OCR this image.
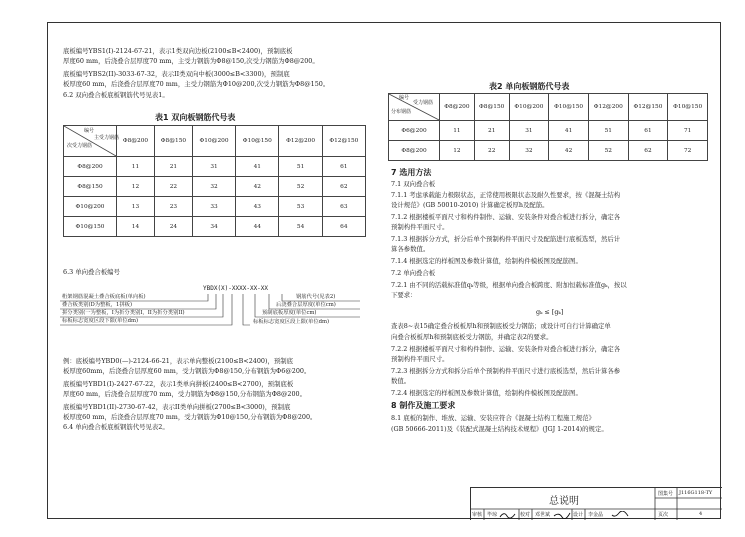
底板编号YBS1(I)-2124-67-21，表示1类双向边板(2100≤B<2400)，预制底板

厚度60 mm，后浇叠合层厚度70 mm，主受力钢筋为Φ8@150,次受力钢筋为Φ8@200。

底板编号YBS2(II)-3033-67-32，表示II类双向中板(3000≤B<3300)，预制底

板厚度60 mm，后浇叠合层厚度70 mm，主受力钢筋为Φ10@200,次受力钢筋为Φ8@150。

6.2 双向叠合板底板钢筋代号见表1。

表1 双向板钢筋代号表
编号
主受力钢筋
次受力钢筋	Φ8@200	Φ8@150	Φ10@200	Φ10@150	Φ12@200	Φ12@150
Φ8@200	11	21	31	41	51	61
Φ8@150	12	22	32	42	52	62
Φ10@200	13	23	33	43	53	63
Φ10@150	14	24	34	44	54	64

6.3 单向叠合板编号

YBDX(X)-XXXX-XX-XX
桁架钢筋混凝土叠合板底板(单向板)
叠合板类别(D为整板，1拼板)
拼分类别(一为整板，I为折分类别I，II为折分类别II)
标板标志宽度区段下限(单位dm)
钢筋代号(见表2)
后浇叠合层厚度(单位cm)
预制底板厚度(单位cm)
标板标志宽度区段上限(单位dm)

例：底板编号YBD0(—)-2124-66-21，表示单向整板(2100≤B<2400)，预制底

板厚度60mm，后浇叠合层厚度60 mm，受力钢筋为Φ8@150,分布钢筋为Φ6@200。

底板编号YBD1(I)-2427-67-22，表示1类单向拼板(2400≤B<2700)，预制底板

厚度60 mm，后浇叠合层厚度70 mm，受力钢筋为Φ8@150,分布钢筋为Φ8@200。

底板编号YBD1(II)-2730-67-42，表示II类单向拼板(2700≤B<3000)，预制底

板厚度60 mm，后浇叠合层厚度70 mm，受力钢筋为Φ10@150,分布钢筋为Φ8@200。

6.4 单向叠合板底板钢筋代号见表2。

表2 单向板钢筋代号表
编号
受力钢筋
分布钢筋	Φ8@200	Φ8@150	Φ10@200	Φ10@150	Φ12@200	Φ12@150	Φ10@150
Φ6@200	11	21	31	41	51	61	71
Φ8@200	12	22	32	42	52	62	72
7 选用方法

7.1 双向叠合板

7.1.1 考虑承载能力极限状态，正常使用极限状态及耐久性要求，按《混凝土结构

设计规范》(GB 50010-2010) 计算确定板厚h及配筋。

7.1.2 根据楼板平面尺寸和构件制作、运输、安装条件对叠合板进行拆分，确定各

预制构件平面尺寸。

7.1.3 根据拆分方式，折分后单个预制构件平面尺寸及配筋进行底板选型，然后计

算各参数值。

7.1.4 根据选定的样板图及参数计算值，绘制构件模板图及配筋图。

7.2 单向叠合板

7.2.1 由不同的活载标准值qₖ等级，根据单向叠合板跨度、附加恒载标准值gₖ，按以

下要求：

gₖ ≤ [gₖ]

查表8~表15确定叠合板板厚h和预制底板受力钢筋；或设计可自行计算确定单

向叠合板板厚h和预制底板受力钢筋，并确定表2的要求。

7.2.2 根据楼板平面尺寸和构件制作、运输、安装条件对叠合板进行拆分，确定各

预制构件平面尺寸。

7.2.3 根据拆分方式和拆分后单个预制构件平面尺寸进行底板选型，然后计算各参

数值。

7.2.4 根据选定的样板图及参数计算值，绘制构件模板图及配筋图。

8 制作及施工要求

8.1 底板的制作、堆放、运输、安装应符合《混凝土结构工程施工规范》

(GB 50666-2011)及《装配式混凝土结构技术规程》(JGJ 1-2014)的规定。

总说明
图集号 J116G118-TY
审核 毕琼	校对 邓世斌	设计 李金晶	页次	4
